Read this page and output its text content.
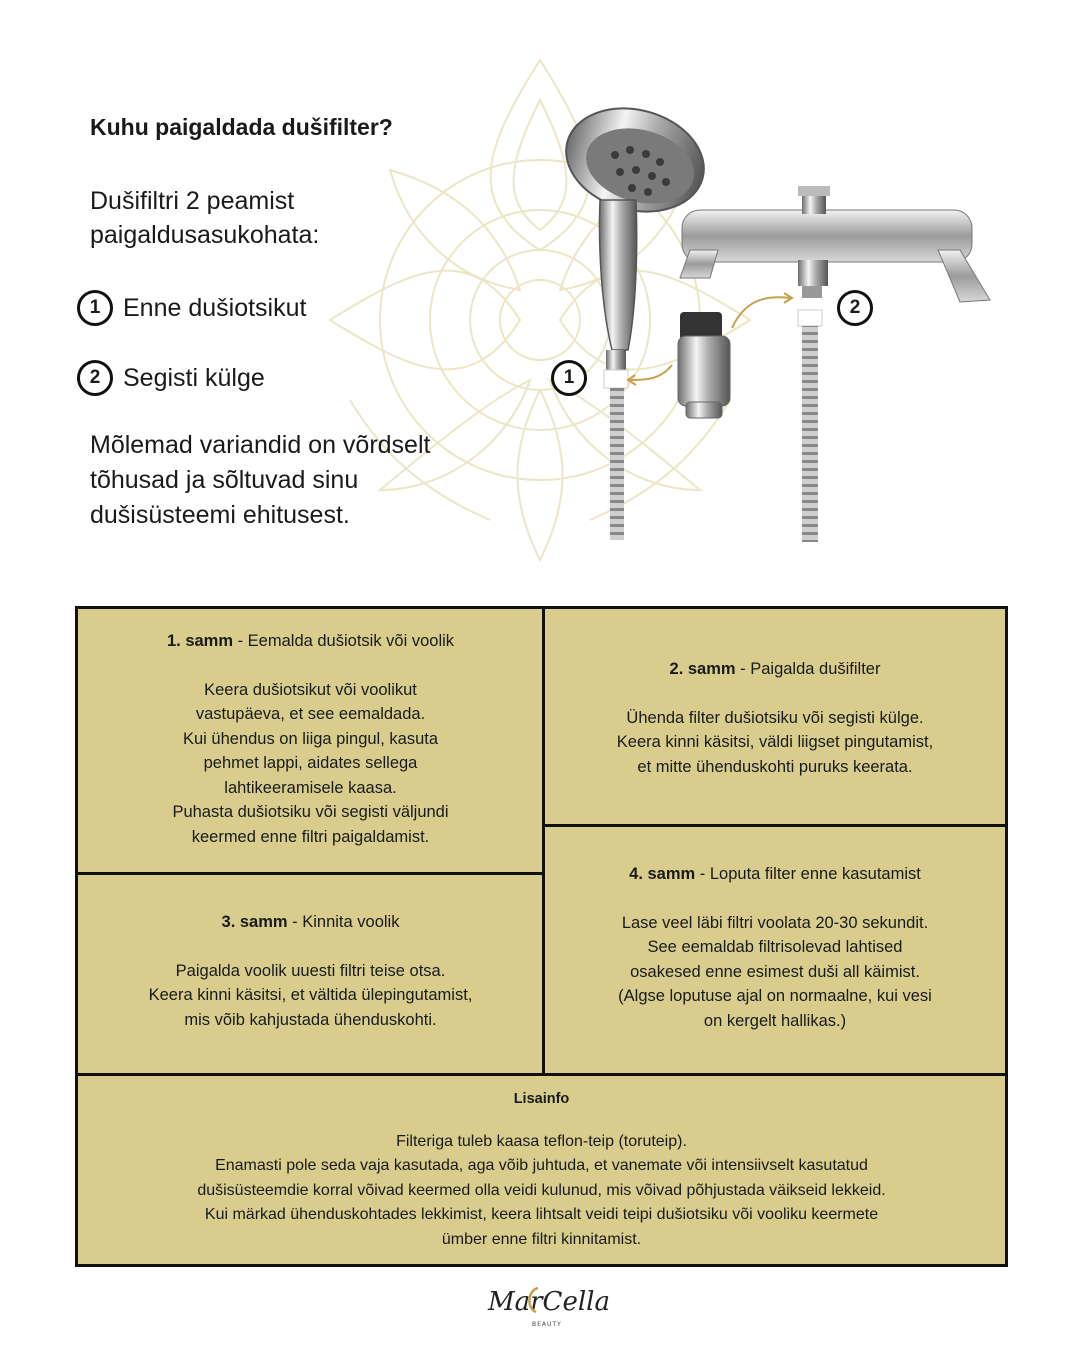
Kuhu paigaldada dušifilter?
Dušifiltri 2 peamist paigaldusasukohata:
1 Enne dušiotsikut
2 Segisti külge
Mõlemad variandid on võrdselt tõhusad ja sõltuvad sinu dušisüsteemi ehitusest.
1
2
1. samm - Eemalda dušiotsik või voolik
Keera dušiotsikut või voolikut
vastupäeva, et see eemaldada.
Kui ühendus on liiga pingul, kasuta
pehmet lappi, aidates sellega
lahtikeeramisele kaasa.
Puhasta dušiotsiku või segisti väljundi
keermed enne filtri paigaldamist.
2. samm - Paigalda dušifilter
Ühenda filter dušiotsiku või segisti külge.
Keera kinni käsitsi, väldi liigset pingutamist,
et mitte ühenduskohti puruks keerata.
3. samm - Kinnita voolik
Paigalda voolik uuesti filtri teise otsa.
Keera kinni käsitsi, et vältida ülepingutamist,
mis võib kahjustada ühenduskohti.
4. samm - Loputa filter enne kasutamist
Lase veel läbi filtri voolata 20-30 sekundit.
See eemaldab filtrisolevad lahtised
osakesed enne esimest duši all käimist.
(Algse loputuse ajal on normaalne, kui vesi
on kergelt hallikas.)
Lisainfo
Filteriga tuleb kaasa teflon-teip (toruteip).
Enamasti pole seda vaja kasutada, aga võib juhtuda, et vanemate või intensiivselt kasutatud
dušisüsteemdie korral võivad keermed olla veidi kulunud, mis võivad põhjustada väikseid lekkeid.
Kui märkad ühenduskohtades lekkimist, keera lihtsalt veidi teipi dušiotsiku või vooliku keermete
ümber enne filtri kinnitamist.
MarCella
BEAUTY
